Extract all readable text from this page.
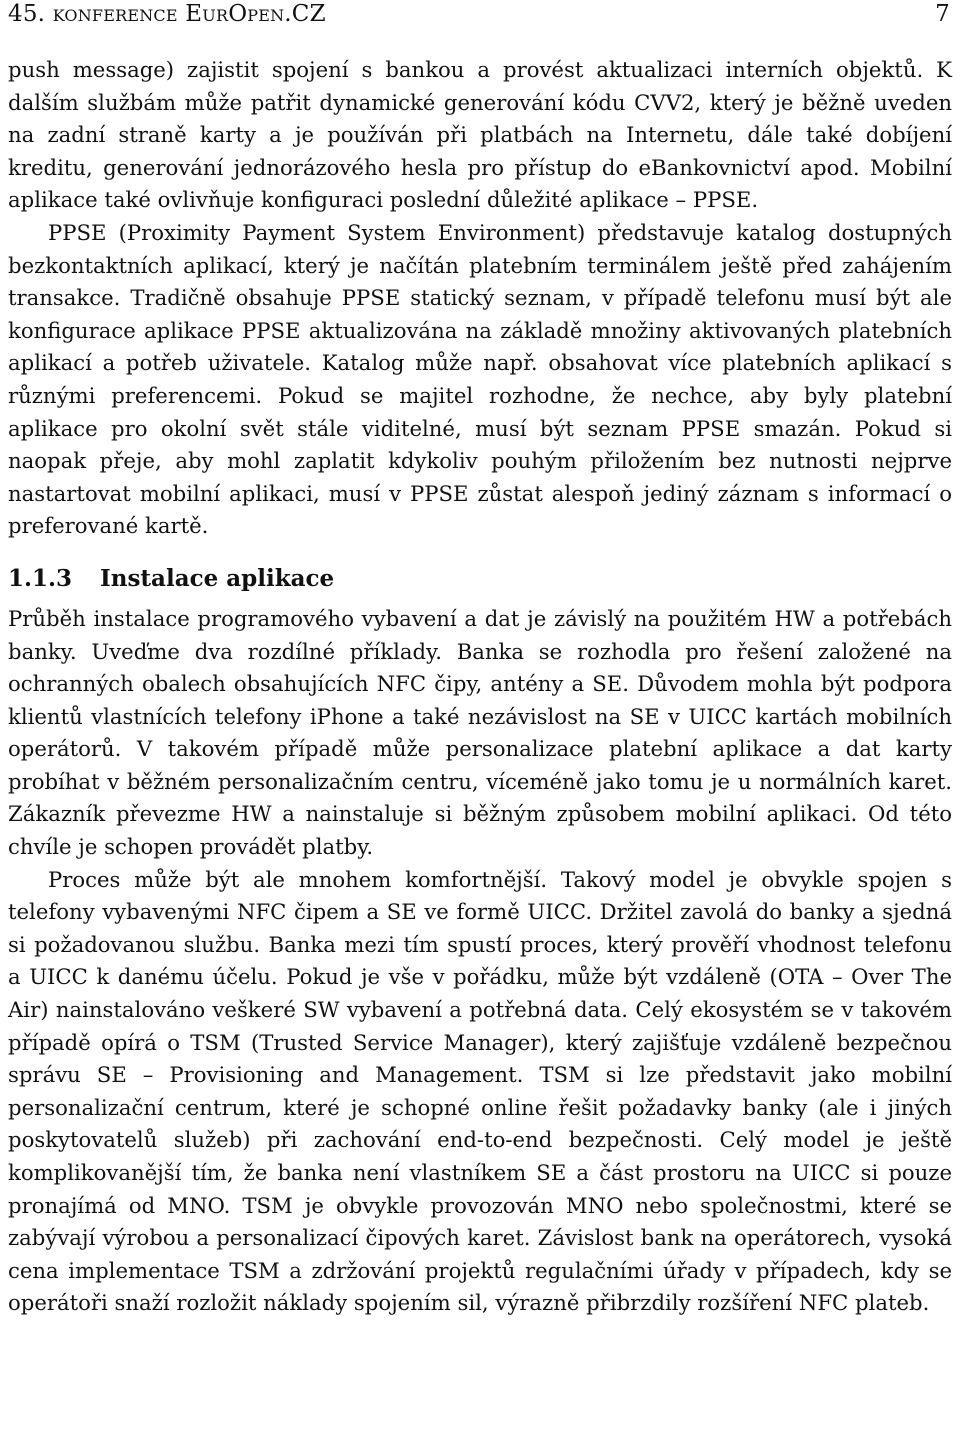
45. konference EurOpen.CZ	7

push message) zajistit spojení s bankou a provést aktualizaci interních objektů. K dalším službám může patřit dynamické generování kódu CVV2, který je běžně uveden na zadní straně karty a je používán při platbách na Internetu, dále také dobíjení kreditu, generování jednorázového hesla pro přístup do eBankovnictví apod. Mobilní aplikace také ovlivňuje konfiguraci poslední důležité aplikace – PPSE.

PPSE (Proximity Payment System Environment) představuje katalog dostupných bezkontaktních aplikací, který je načítán platebním terminálem ještě před zahájením transakce. Tradičně obsahuje PPSE statický seznam, v případě telefonu musí být ale konfigurace aplikace PPSE aktualizována na základě množiny aktivovaných platebních aplikací a potřeb uživatele. Katalog může např. obsahovat více platebních aplikací s různými preferencemi. Pokud se majitel rozhodne, že nechce, aby byly platební aplikace pro okolní svět stále viditelné, musí být seznam PPSE smazán. Pokud si naopak přeje, aby mohl zaplatit kdykoliv pouhým přiložením bez nutnosti nejprve nastartovat mobilní aplikaci, musí v PPSE zůstat alespoň jediný záznam s informací o preferované kartě.

1.1.3	Instalace aplikace

Průběh instalace programového vybavení a dat je závislý na použitém HW a potřebách banky. Uveďme dva rozdílné příklady. Banka se rozhodla pro řešení založené na ochranných obalech obsahujících NFC čipy, antény a SE. Důvodem mohla být podpora klientů vlastnících telefony iPhone a také nezávislost na SE v UICC kartách mobilních operátorů. V takovém případě může personalizace platební aplikace a dat karty probíhat v běžném personalizačním centru, víceméně jako tomu je u normálních karet. Zákazník převezme HW a nainstaluje si běžným způsobem mobilní aplikaci. Od této chvíle je schopen provádět platby.

Proces může být ale mnohem komfortnější. Takový model je obvykle spojen s telefony vybavenými NFC čipem a SE ve formě UICC. Držitel zavolá do banky a sjedná si požadovanou službu. Banka mezi tím spustí proces, který prověří vhodnost telefonu a UICC k danému účelu. Pokud je vše v pořádku, může být vzdáleně (OTA – Over The Air) nainstalováno veškeré SW vybavení a potřebná data. Celý ekosystém se v takovém případě opírá o TSM (Trusted Service Manager), který zajišťuje vzdáleně bezpečnou správu SE – Provisioning and Management. TSM si lze představit jako mobilní personalizační centrum, které je schopné online řešit požadavky banky (ale i jiných poskytovatelů služeb) při zachování end-to-end bezpečnosti. Celý model je ještě komplikovanější tím, že banka není vlastníkem SE a část prostoru na UICC si pouze pronajímá od MNO. TSM je obvykle provozován MNO nebo společnostmi, které se zabývají výrobou a personalizací čipových karet. Závislost bank na operátorech, vysoká cena implementace TSM a zdržování projektů regulačními úřady v případech, kdy se operátoři snaží rozložit náklady spojením sil, výrazně přibrzdily rozšíření NFC plateb.
